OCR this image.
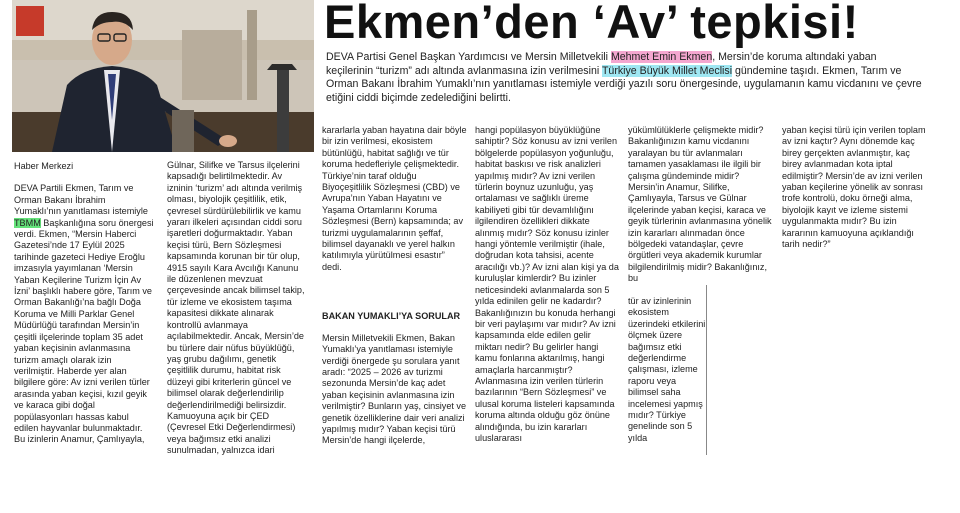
Ekmen’den ‘Av’ tepkisi!
DEVA Partisi Genel Başkan Yardımcısı ve Mersin Milletvekili Mehmet Emin Ekmen, Mersin’de koruma altındaki yaban keçilerinin “turizm” adı altında avlanmasına izin verilmesini Türkiye Büyük Millet Meclisi gündemine taşıdı. Ekmen, Tarım ve Orman Bakanı İbrahim Yumaklı’nın yanıtlaması istemiyle verdiği yazılı soru önergesinde, uygulamanın kamu vicdanını ve çevre etiğini ciddi biçimde zedelediğini belirtti.

Haber Merkezi

DEVA Partili Ekmen, Tarım ve Orman Bakanı İbrahim Yumaklı’nın yanıtlaması istemiyle TBMM Başkanlığına soru önergesi verdi. Ekmen, “Mersin Haberci Gazetesi’nde 17 Eylül 2025 tarihinde gazeteci Hediye Eroğlu imzasıyla yayımlanan ‘Mersin Yaban Keçilerine Turizm İçin Av İzni’ başlıklı habere göre, Tarım ve Orman Bakanlığı’na bağlı Doğa Koruma ve Milli Parklar Genel Müdürlüğü tarafından Mersin’in çeşitli ilçelerinde toplam 35 adet yaban keçisinin avlanmasına turizm amaçlı olarak izin verilmiştir. Haberde yer alan bilgilere göre: Av izni verilen türler arasında yaban keçisi, kızıl geyik ve karaca gibi doğal popülasyonları hassas kabul edilen hayvanlar bulunmaktadır. Bu izinlerin Anamur, Çamlıyayla,

Gülnar, Silifke ve Tarsus ilçelerini kapsadığı belirtilmektedir. Av izninin ‘turizm’ adı altında verilmiş olması, biyolojik çeşitlilik, etik, çevresel sürdürülebilirlik ve kamu yararı ilkeleri açısından ciddi soru işaretleri doğurmaktadır. Yaban keçisi türü, Bern Sözleşmesi kapsamında korunan bir tür olup, 4915 sayılı Kara Avcılığı Kanunu ile düzenlenen mevzuat çerçevesinde ancak bilimsel takip, tür izleme ve ekosistem taşıma kapasitesi dikkate alınarak kontrollü avlanmaya açılabilmektedir. Ancak, Mersin’de bu türlere dair nüfus büyüklüğü, yaş grubu dağılımı, genetik çeşitlilik durumu, habitat risk düzeyi gibi kriterlerin güncel ve bilimsel olarak değerlendirilip değerlendirilmediği belirsizdir. Kamuoyuna açık bir ÇED (Çevresel Etki Değerlendirmesi) veya bağımsız etki analizi sunulmadan, yalnızca idari

kararlarla yaban hayatına dair böyle bir izin verilmesi, ekosistem bütünlüğü, habitat sağlığı ve tür koruma hedefleriyle çelişmektedir. Türkiye’nin taraf olduğu Biyoçeşitlilik Sözleşmesi (CBD) ve Avrupa’nın Yaban Hayatını ve Yaşama Ortamlarını Koruma Sözleşmesi (Bern) kapsamında; av turizmi uygulamalarının şeffaf, bilimsel dayanaklı ve yerel halkın katılımıyla yürütülmesi esastır” dedi.

BAKAN YUMAKLI’YA SORULAR

Mersin Milletvekili Ekmen, Bakan Yumaklı’ya yanıtlaması istemiyle verdiği önergede şu sorulara yanıt aradı: “2025 – 2026 av turizmi sezonunda Mersin’de kaç adet yaban keçisinin avlanmasına izin verilmiştir? Bunların yaş, cinsiyet ve genetik özelliklerine dair veri analizi yapılmış mıdır? Yaban keçisi türü Mersin’de hangi ilçelerde,

hangi popülasyon büyüklüğüne sahiptir? Söz konusu av izni verilen bölgelerde popülasyon yoğunluğu, habitat baskısı ve risk analizleri yapılmış mıdır? Av izni verilen türlerin boynuz uzunluğu, yaş ortalaması ve sağlıklı üreme kabiliyeti gibi tür devamlılığını ilgilendiren özellikleri dikkate alınmış mıdır? Söz konusu izinler hangi yöntemle verilmiştir (ihale, doğrudan kota tahsisi, acente aracılığı vb.)? Av izni alan kişi ya da kuruluşlar kimlerdir? Bu izinler neticesindeki avlanmalarda son 5 yılda edinilen gelir ne kadardır? Bakanlığınızın bu konuda herhangi bir veri paylaşımı var mıdır? Av izni kapsamında elde edilen gelir miktarı nedir? Bu gelirler hangi kamu fonlarına aktarılmış, hangi amaçlarla harcanmıştır? Avlanmasına izin verilen türlerin bazılarının “Bern Sözleşmesi” ve ulusal koruma listeleri kapsamında koruma altında olduğu göz önüne alındığında, bu izin kararları uluslararası

yükümlülüklerle çelişmekte midir? Bakanlığınızın kamu vicdanını yaralayan bu tür avlanmaları tamamen yasaklaması ile ilgili bir çalışma gündeminde midir? Mersin’in Anamur, Silifke, Çamlıyayla, Tarsus ve Gülnar ilçelerinde yaban keçisi, karaca ve geyik türlerinin avlanmasına yönelik izin kararları alınmadan önce bölgedeki vatandaşlar, çevre örgütleri veya akademik kurumlar bilgilendirilmiş midir? Bakanlığınız, bu

tür av izinlerinin ekosistem üzerindeki etkilerini ölçmek üzere bağımsız etki değerlendirme çalışması, izleme raporu veya bilimsel saha incelemesi yapmış mıdır? Türkiye genelinde son 5 yılda

yaban keçisi türü için verilen toplam av izni kaçtır? Aynı dönemde kaç birey gerçekten avlanmıştır, kaç birey avlanmadan kota iptal edilmiştir? Mersin’de av izni verilen yaban keçilerine yönelik av sonrası trofe kontrolü, doku örneği alma, biyolojik kayıt ve izleme sistemi uygulanmakta mıdır? Bu izin kararının kamuoyuna açıklandığı tarih nedir?”
